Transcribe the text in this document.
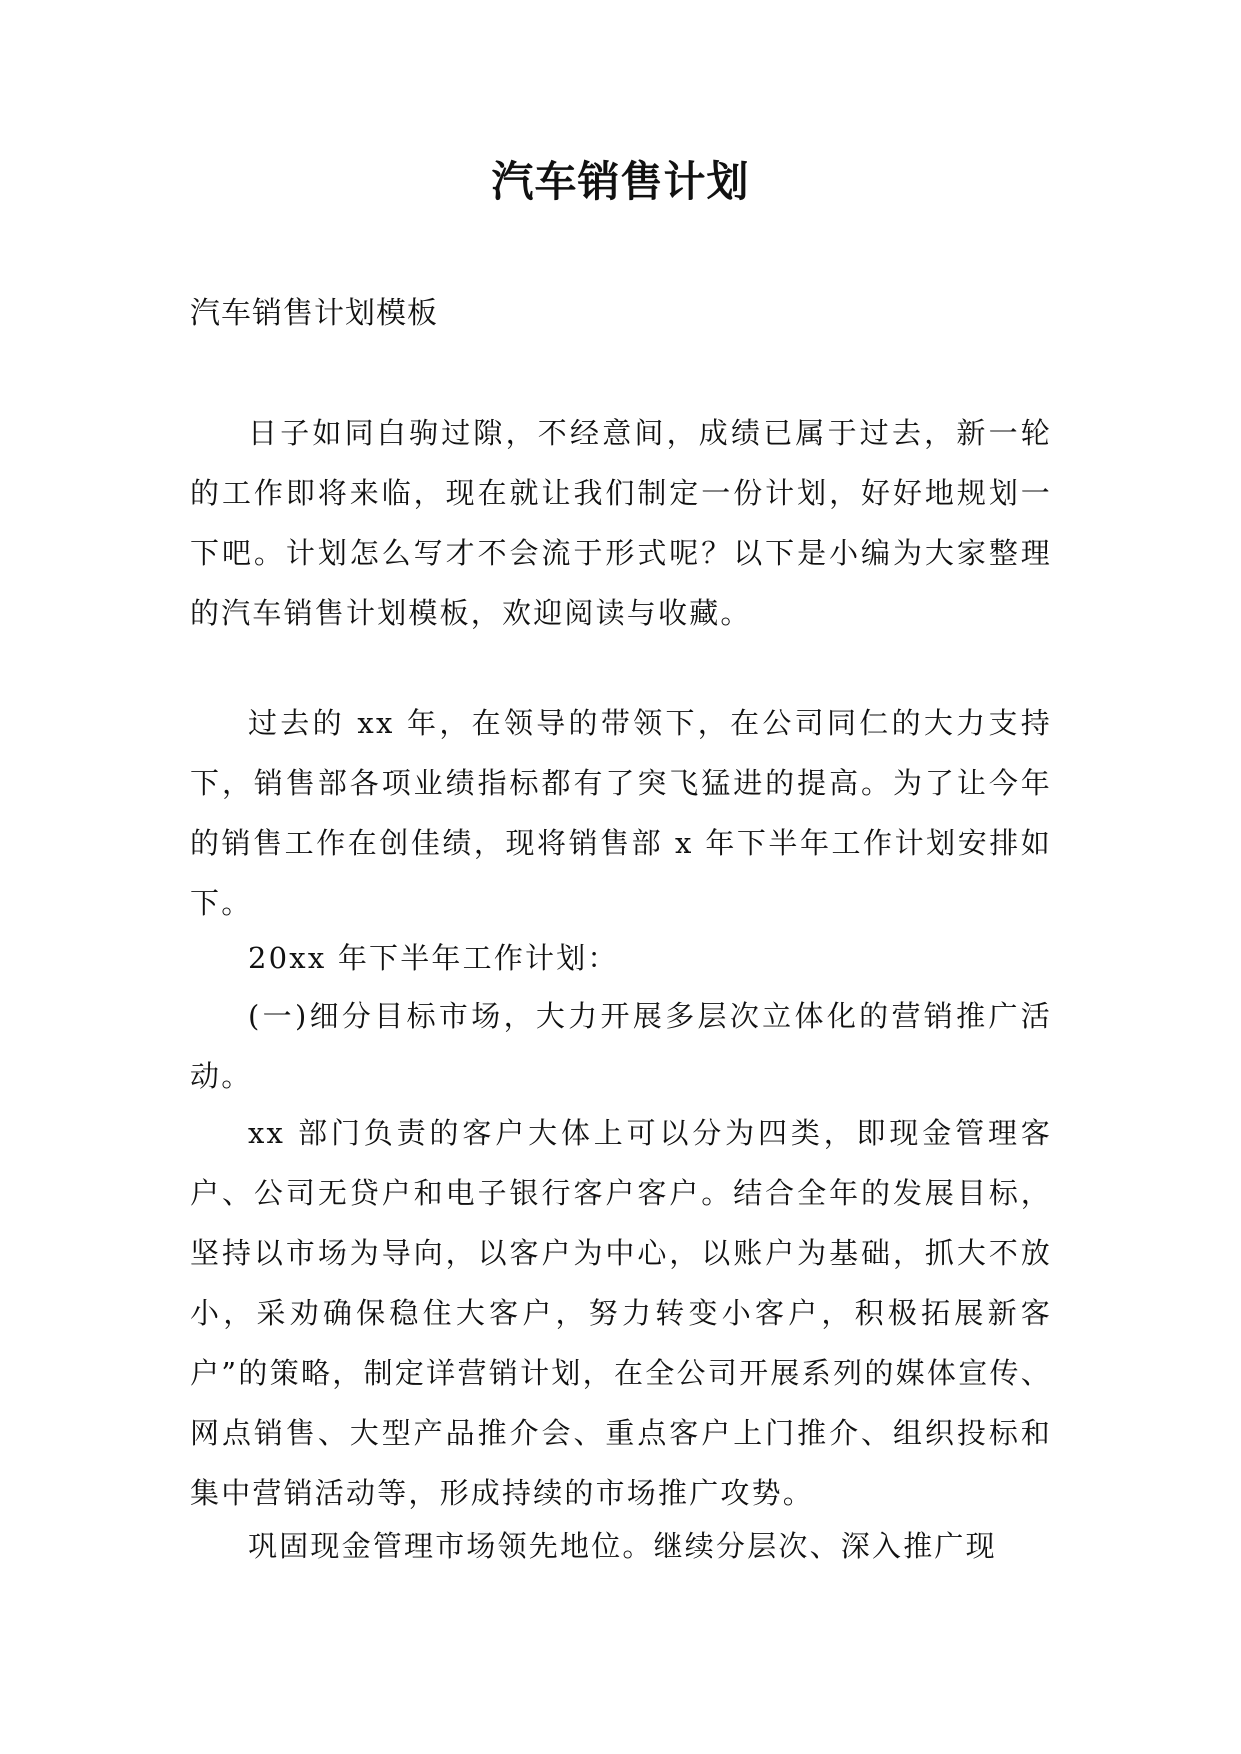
汽车销售计划
汽车销售计划模板

日子如同白驹过隙，不经意间，成绩已属于过去，新一轮的工作即将来临，现在就让我们制定一份计划，好好地规划一下吧。计划怎么写才不会流于形式呢？以下是小编为大家整理的汽车销售计划模板，欢迎阅读与收藏。

过去的 xx 年，在领导的带领下，在公司同仁的大力支持下，销售部各项业绩指标都有了突飞猛进的提高。为了让今年的销售工作在创佳绩，现将销售部 x 年下半年工作计划安排如下。

20xx 年下半年工作计划：

(一)细分目标市场，大力开展多层次立体化的营销推广活动。

xx 部门负责的客户大体上可以分为四类，即现金管理客户、公司无贷户和电子银行客户客户。结合全年的发展目标，坚持以市场为导向，以客户为中心，以账户为基础，抓大不放小，采劝确保稳住大客户，努力转变小客户，积极拓展新客户”的策略，制定详营销计划，在全公司开展系列的媒体宣传、网点销售、大型产品推介会、重点客户上门推介、组织投标和集中营销活动等，形成持续的市场推广攻势。

巩固现金管理市场领先地位。继续分层次、深入推广现
